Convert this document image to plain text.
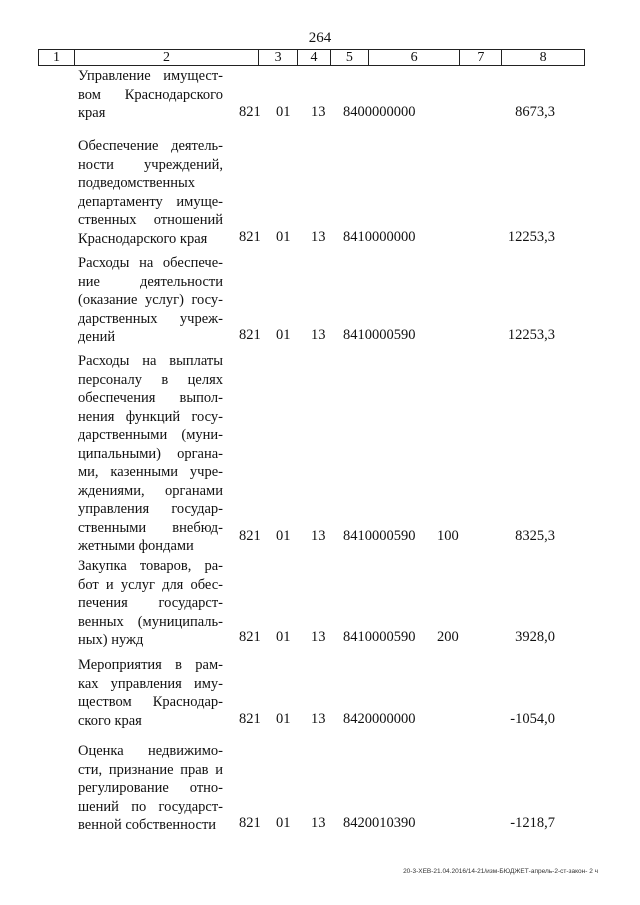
264
1	2	3	4	5	6	7	8
Управление имущест-
вом Краснодарского
края	821 01 13 8400000000	8673,3
Обеспечение деятель-
ности учреждений,
подведомственных
департаменту имуще-
ственных отношений
Краснодарского края	821 01 13 8410000000	12253,3
Расходы на обеспече-
ние деятельности
(оказание услуг) госу-
дарственных учреж-
дений	821 01 13 8410000590	12253,3
Расходы на выплаты
персоналу в целях
обеспечения выпол-
нения функций госу-
дарственными (муни-
ципальными) органа-
ми, казенными учре-
ждениями, органами
управления государ-
ственными внебюд-
жетными фондами
821 01 13 8410000590 100	8325,3
Закупка товаров, ра-
бот и услуг для обес-
печения государст-
венных (муниципаль-
ных) нужд	821 01 13 8410000590 200	3928,0
Мероприятия в рам-
ках управления иму-
ществом Краснодар-
ского края	821 01 13 8420000000	-1054,0
Оценка недвижимо-
сти, признание прав и
регулирование отно-
шений по государст-
венной собственности	821 01 13 8420010390	-1218,7
20-3-ХЕВ-21.04.2016/14-21/изм-БЮДЖЕТ-апрель-2-ст-закон- 2 ч
